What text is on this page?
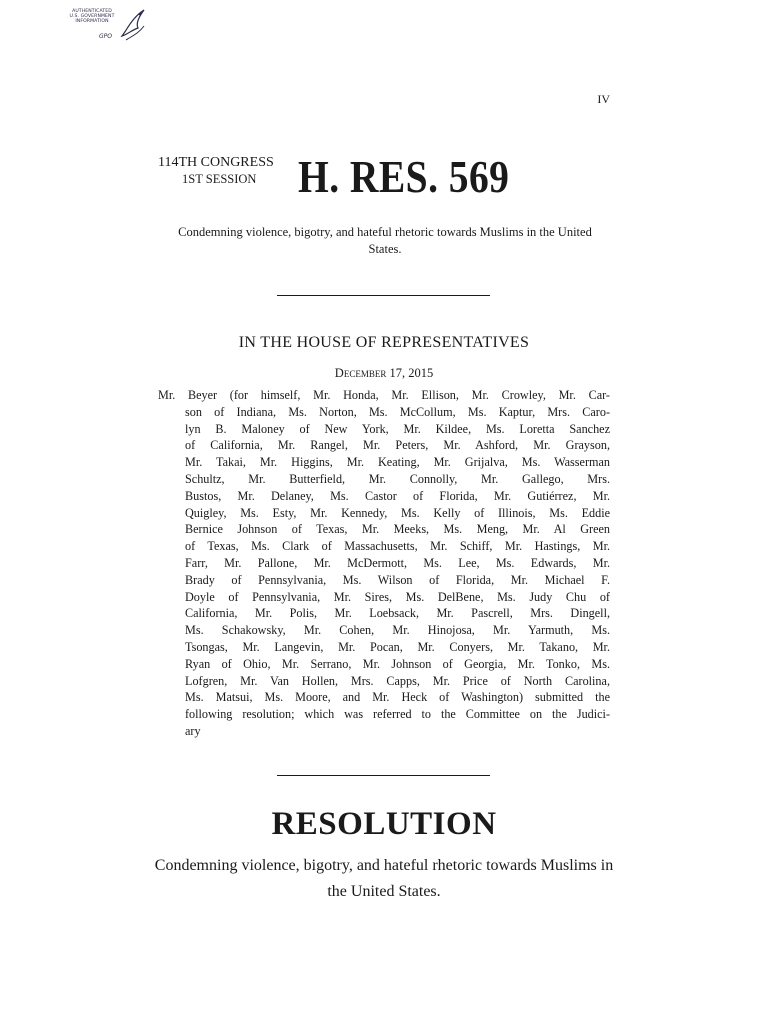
AUTHENTICATED
U.S. GOVERNMENT
INFORMATION
GPO
IV
114TH CONGRESS
1ST SESSION H. RES. 569
Condemning violence, bigotry, and hateful rhetoric towards Muslims in the United States.
IN THE HOUSE OF REPRESENTATIVES
December 17, 2015
Mr. Beyer (for himself, Mr. Honda, Mr. Ellison, Mr. Crowley, Mr. Car-
son of Indiana, Ms. Norton, Ms. McCollum, Ms. Kaptur, Mrs. Caro-
lyn B. Maloney of New York, Mr. Kildee, Ms. Loretta Sanchez
of California, Mr. Rangel, Mr. Peters, Mr. Ashford, Mr. Grayson,
Mr. Takai, Mr. Higgins, Mr. Keating, Mr. Grijalva, Ms. Wasserman
Schultz, Mr. Butterfield, Mr. Connolly, Mr. Gallego, Mrs.
Bustos, Mr. Delaney, Ms. Castor of Florida, Mr. Gutiérrez, Mr.
Quigley, Ms. Esty, Mr. Kennedy, Ms. Kelly of Illinois, Ms. Eddie
Bernice Johnson of Texas, Mr. Meeks, Ms. Meng, Mr. Al Green
of Texas, Ms. Clark of Massachusetts, Mr. Schiff, Mr. Hastings, Mr.
Farr, Mr. Pallone, Mr. McDermott, Ms. Lee, Ms. Edwards, Mr.
Brady of Pennsylvania, Ms. Wilson of Florida, Mr. Michael F.
Doyle of Pennsylvania, Mr. Sires, Ms. DelBene, Ms. Judy Chu of
California, Mr. Polis, Mr. Loebsack, Mr. Pascrell, Mrs. Dingell,
Ms. Schakowsky, Mr. Cohen, Mr. Hinojosa, Mr. Yarmuth, Ms.
Tsongas, Mr. Langevin, Mr. Pocan, Mr. Conyers, Mr. Takano, Mr.
Ryan of Ohio, Mr. Serrano, Mr. Johnson of Georgia, Mr. Tonko, Ms.
Lofgren, Mr. Van Hollen, Mrs. Capps, Mr. Price of North Carolina,
Ms. Matsui, Ms. Moore, and Mr. Heck of Washington) submitted the
following resolution; which was referred to the Committee on the Judici-
ary
RESOLUTION
Condemning violence, bigotry, and hateful rhetoric towards Muslims in the United States.
